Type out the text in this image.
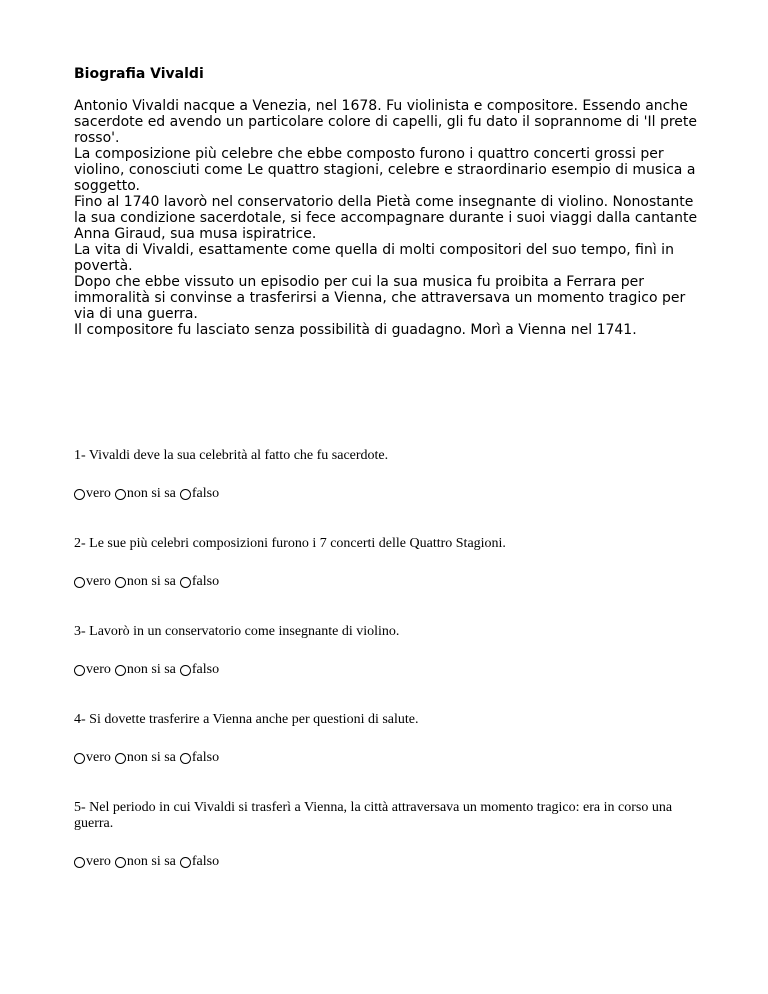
Biografia Vivaldi

Antonio Vivaldi nacque a Venezia, nel 1678. Fu violinista e compositore. Essendo anche sacerdote ed avendo un particolare colore di capelli, gli fu dato il soprannome di 'Il prete rosso'.

La composizione più celebre che ebbe composto furono i quattro concerti grossi per violino, conosciuti come Le quattro stagioni, celebre e straordinario esempio di musica a soggetto.

Fino al 1740 lavorò nel conservatorio della Pietà come insegnante di violino. Nonostante la sua condizione sacerdotale, si fece accompagnare durante i suoi viaggi dalla cantante Anna Giraud, sua musa ispiratrice.

La vita di Vivaldi, esattamente come quella di molti compositori del suo tempo, finì in povertà.

Dopo che ebbe vissuto un episodio per cui la sua musica fu proibita a Ferrara per immoralità si convinse a trasferirsi a Vienna, che attraversava un momento tragico per via di una guerra.

Il compositore fu lasciato senza possibilità di guadagno. Morì a Vienna nel 1741.

1- Vivaldi deve la sua celebrità al fatto che fu sacerdote.

vero non si sa falso

2- Le sue più celebri composizioni furono i 7 concerti delle Quattro Stagioni.

vero non si sa falso

3- Lavorò in un conservatorio come insegnante di violino.

vero non si sa falso

4- Si dovette trasferire a Vienna anche per questioni di salute.

vero non si sa falso

5- Nel periodo in cui Vivaldi si trasferì a Vienna, la città attraversava un momento tragico: era in corso una guerra.

vero non si sa falso
